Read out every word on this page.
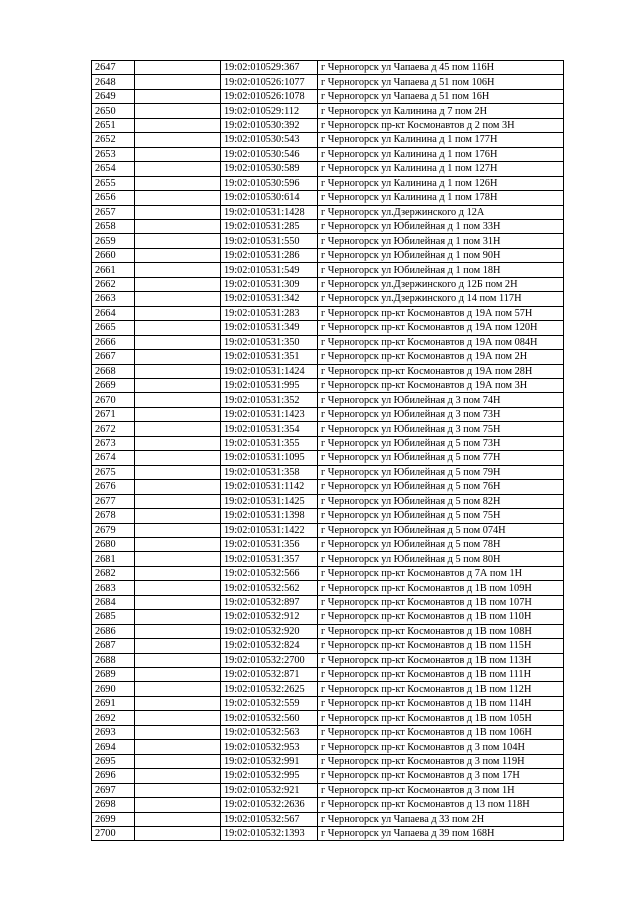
2647		19:02:010529:367	г Черногорск ул Чапаева д 45 пом 116Н
2648		19:02:010526:1077	г Черногорск ул Чапаева д 51 пом 106Н
2649		19:02:010526:1078	г Черногорск ул Чапаева д 51 пом 16Н
2650		19:02:010529:112	г Черногорск ул Калинина д 7 пом 2Н
2651		19:02:010530:392	г Черногорск пр-кт Космонавтов д 2 пом 3Н
2652		19:02:010530:543	г Черногорск ул Калинина д 1 пом 177Н
2653		19:02:010530:546	г Черногорск ул Калинина д 1 пом 176Н
2654		19:02:010530:589	г Черногорск ул Калинина д 1 пом 127Н
2655		19:02:010530:596	г Черногорск ул Калинина д 1 пом 126Н
2656		19:02:010530:614	г Черногорск ул Калинина д 1 пом 178Н
2657		19:02:010531:1428	г Черногорск ул.Дзержинского д 12А
2658		19:02:010531:285	г Черногорск ул Юбилейная д 1 пом 33Н
2659		19:02:010531:550	г Черногорск ул Юбилейная д 1 пом 31Н
2660		19:02:010531:286	г Черногорск ул Юбилейная д 1 пом 90Н
2661		19:02:010531:549	г Черногорск ул Юбилейная д 1 пом 18Н
2662		19:02:010531:309	г Черногорск ул.Дзержинского д 12Б пом 2Н
2663		19:02:010531:342	г Черногорск ул.Дзержинского д 14 пом 117Н
2664		19:02:010531:283	г Черногорск пр-кт Космонавтов д 19А пом 57Н
2665		19:02:010531:349	г Черногорск пр-кт Космонавтов д 19А пом 120Н
2666		19:02:010531:350	г Черногорск пр-кт Космонавтов д 19А пом 084Н
2667		19:02:010531:351	г Черногорск пр-кт Космонавтов д 19А пом 2Н
2668		19:02:010531:1424	г Черногорск пр-кт Космонавтов д 19А пом 28Н
2669		19:02:010531:995	г Черногорск пр-кт Космонавтов д 19А пом 3Н
2670		19:02:010531:352	г Черногорск ул Юбилейная д 3 пом 74Н
2671		19:02:010531:1423	г Черногорск ул Юбилейная д 3 пом 73Н
2672		19:02:010531:354	г Черногорск ул Юбилейная д 3 пом 75Н
2673		19:02:010531:355	г Черногорск ул Юбилейная д 5 пом 73Н
2674		19:02:010531:1095	г Черногорск ул Юбилейная д 5 пом 77Н
2675		19:02:010531:358	г Черногорск ул Юбилейная д 5 пом 79Н
2676		19:02:010531:1142	г Черногорск ул Юбилейная д 5 пом 76Н
2677		19:02:010531:1425	г Черногорск ул Юбилейная д 5 пом 82Н
2678		19:02:010531:1398	г Черногорск ул Юбилейная д 5 пом 75Н
2679		19:02:010531:1422	г Черногорск ул Юбилейная д 5 пом 074Н
2680		19:02:010531:356	г Черногорск ул Юбилейная д 5 пом 78Н
2681		19:02:010531:357	г Черногорск ул Юбилейная д 5 пом 80Н
2682		19:02:010532:566	г Черногорск пр-кт Космонавтов д 7А пом 1Н
2683		19:02:010532:562	г Черногорск пр-кт Космонавтов д 1В пом 109Н
2684		19:02:010532:897	г Черногорск пр-кт Космонавтов д 1В пом 107Н
2685		19:02:010532:912	г Черногорск пр-кт Космонавтов д 1В пом 110Н
2686		19:02:010532:920	г Черногорск пр-кт Космонавтов д 1В пом 108Н
2687		19:02:010532:824	г Черногорск пр-кт Космонавтов д 1В пом 115Н
2688		19:02:010532:2700	г Черногорск пр-кт Космонавтов д 1В пом 113Н
2689		19:02:010532:871	г Черногорск пр-кт Космонавтов д 1В пом 111Н
2690		19:02:010532:2625	г Черногорск пр-кт Космонавтов д 1В пом 112Н
2691		19:02:010532:559	г Черногорск пр-кт Космонавтов д 1В пом 114Н
2692		19:02:010532:560	г Черногорск пр-кт Космонавтов д 1В пом 105Н
2693		19:02:010532:563	г Черногорск пр-кт Космонавтов д 1В пом 106Н
2694		19:02:010532:953	г Черногорск пр-кт Космонавтов д 3 пом 104Н
2695		19:02:010532:991	г Черногорск пр-кт Космонавтов д 3 пом 119Н
2696		19:02:010532:995	г Черногорск пр-кт Космонавтов д 3 пом 17Н
2697		19:02:010532:921	г Черногорск пр-кт Космонавтов д 3 пом 1Н
2698		19:02:010532:2636	г Черногорск пр-кт Космонавтов д 13 пом 118Н
2699		19:02:010532:567	г Черногорск ул Чапаева д 33 пом 2Н
2700		19:02:010532:1393	г Черногорск ул Чапаева д 39 пом 168Н
